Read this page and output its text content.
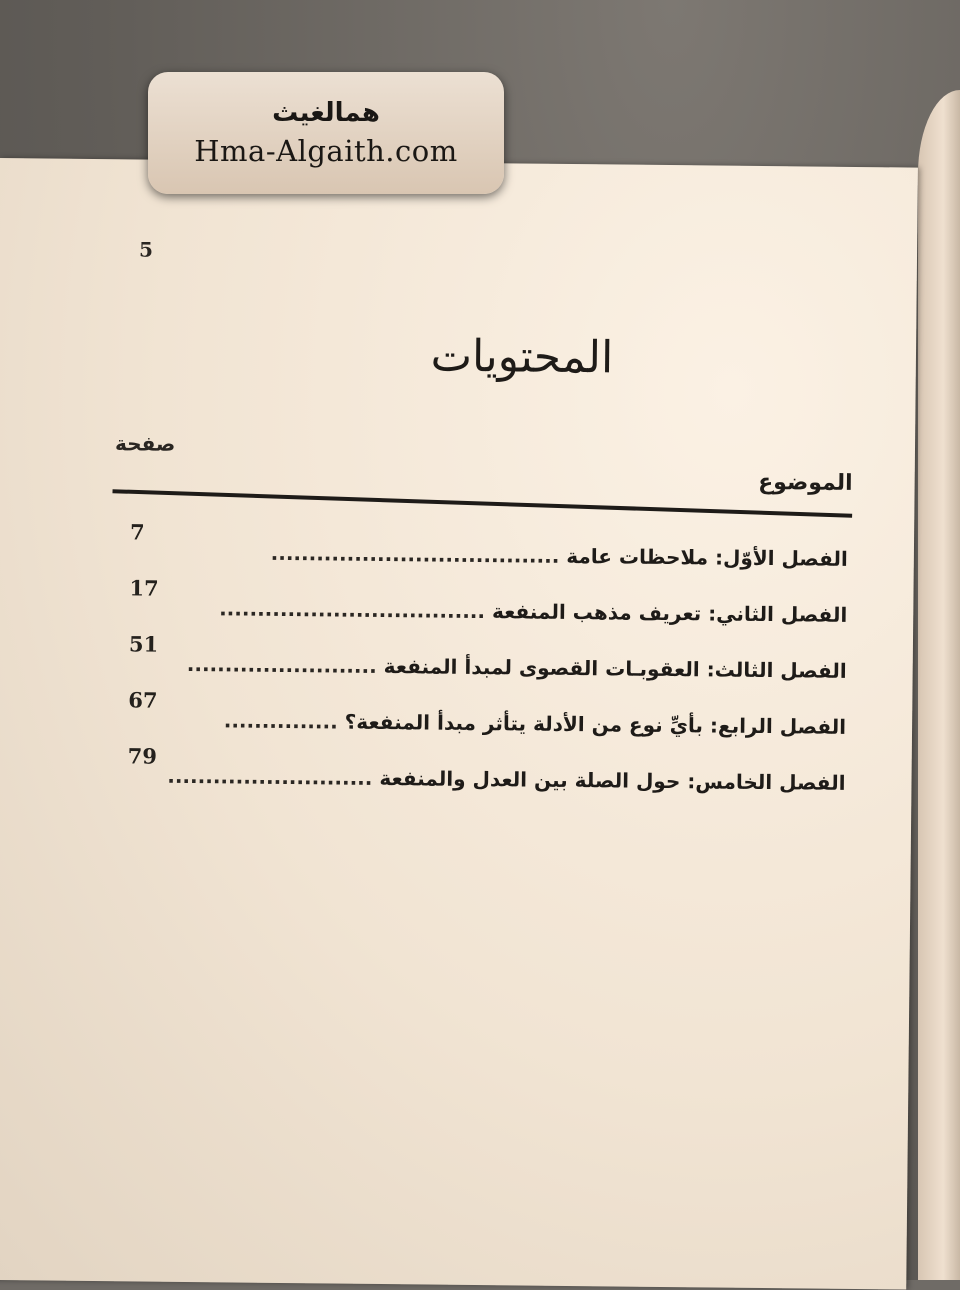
5
المحتويات
صفحة
الموضوع
7
الفصل الأوّل: ملاحظات عامة ......................................
17
الفصل الثاني: تعريف مذهب المنفعة ...................................
51
الفصل الثالث: العقوبـات القصوى لمبدأ المنفعة .........................
67
الفصل الرابع: بأيِّ نوع من الأدلة يتأثر مبدأ المنفعة؟ ...............
79
الفصل الخامس: حول الصلة بين العدل والمنفعة ...........................
همالغيث
Hma-Algaith.com
